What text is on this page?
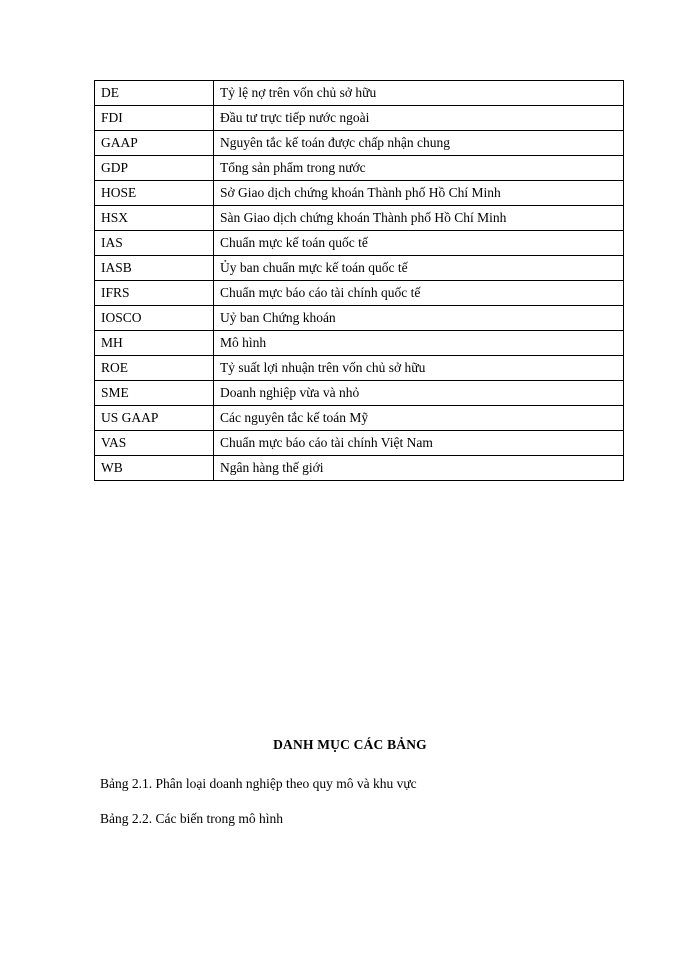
DE	Tỷ lệ nợ trên vốn chủ sở hữu
FDI	Đầu tư trực tiếp nước ngoài
GAAP	Nguyên tắc kế toán được chấp nhận chung
GDP	Tổng sản phẩm trong nước
HOSE	Sở Giao dịch chứng khoán Thành phố Hồ Chí Minh
HSX	Sàn Giao dịch chứng khoán Thành phố Hồ Chí Minh
IAS	Chuẩn mực kế toán quốc tế
IASB	Ủy ban chuẩn mực kế toán quốc tế
IFRS	Chuẩn mực báo cáo tài chính quốc tế
IOSCO	Uỷ ban Chứng khoán
MH	Mô hình
ROE	Tỷ suất lợi nhuận trên vốn chủ sở hữu
SME	Doanh nghiệp vừa và nhỏ
US GAAP	Các nguyên tắc kế toán Mỹ
VAS	Chuẩn mực báo cáo tài chính Việt Nam
WB	Ngân hàng thế giới
DANH MỤC CÁC BẢNG
Bảng 2.1. Phân loại doanh nghiệp theo quy mô và khu vực
Bảng 2.2. Các biến trong mô hình
